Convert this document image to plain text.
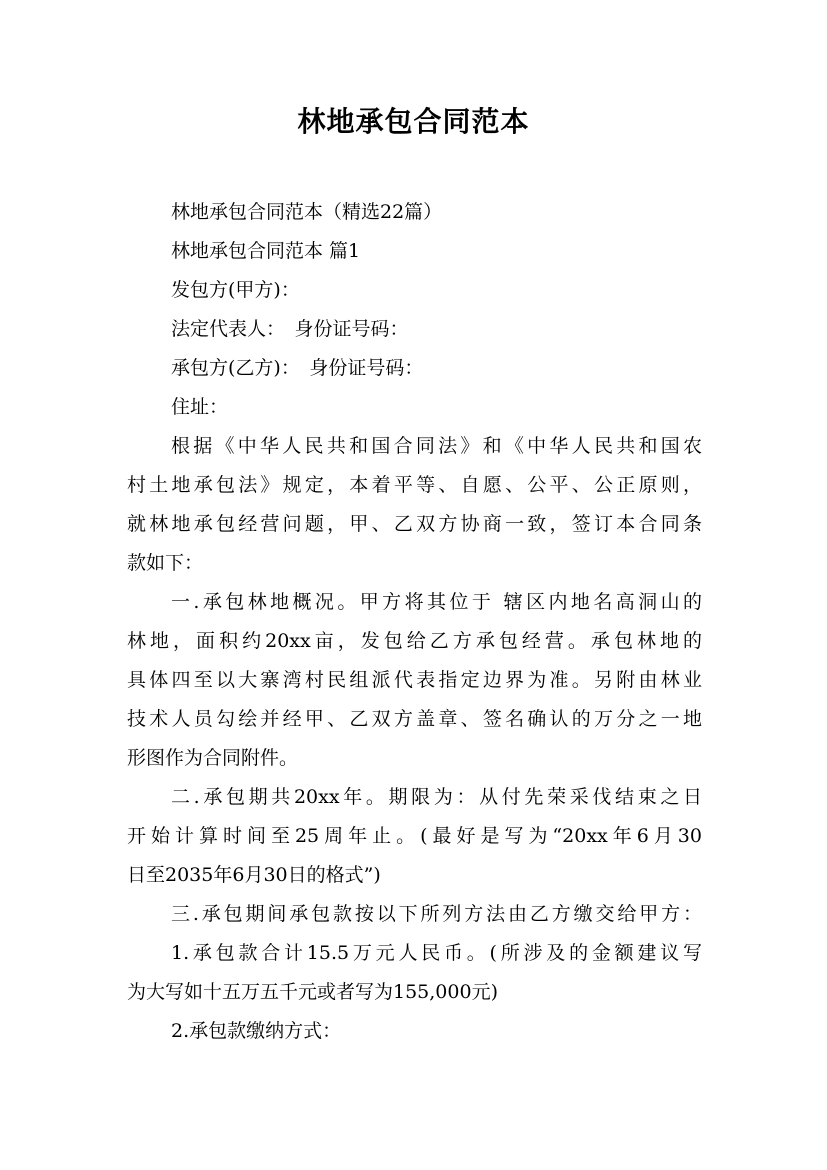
林地承包合同范本
林地承包合同范本（精选22篇）
林地承包合同范本 篇1
发包方(甲方)：
法定代表人：　身份证号码：
承包方(乙方)：　身份证号码：
住址：
根据《中华人民共和国合同法》和《中华人民共和国农
村土地承包法》规定，本着平等、自愿、公平、公正原则，
就林地承包经营问题，甲、乙双方协商一致，签订本合同条
款如下：
一.承包林地概况。甲方将其位于 辖区内地名高洞山的
林地，面积约20xx亩，发包给乙方承包经营。承包林地的
具体四至以大寨湾村民组派代表指定边界为准。另附由林业
技术人员勾绘并经甲、乙双方盖章、签名确认的万分之一地
形图作为合同附件。
二.承包期共20xx年。期限为：从付先荣采伐结束之日
开始计算时间至25周年止。(最好是写为“20xx年6月30
日至2035年6月30日的格式”)
三.承包期间承包款按以下所列方法由乙方缴交给甲方：
1.承包款合计15.5万元人民币。(所涉及的金额建议写
为大写如十五万五千元或者写为155,000元)
2.承包款缴纳方式：
